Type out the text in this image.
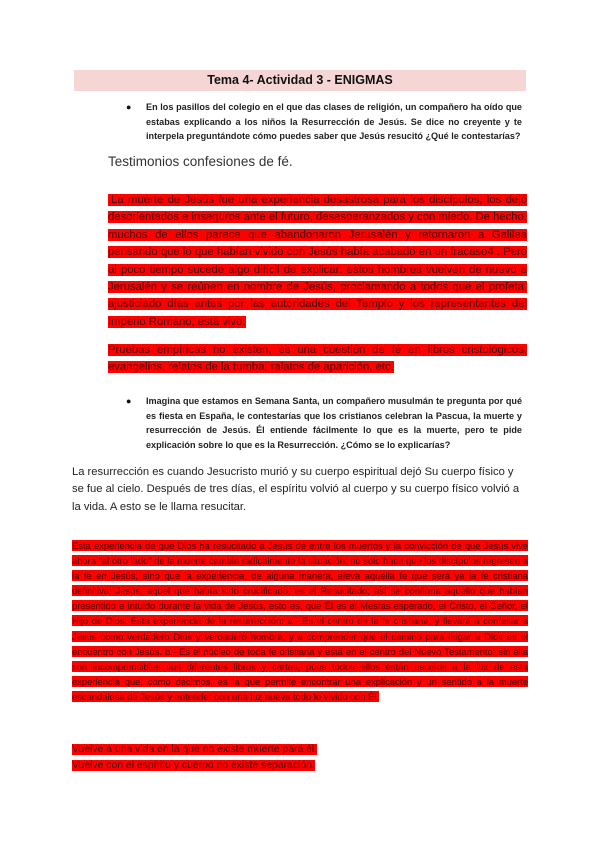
Tema 4- Actividad 3 - ENIGMAS
● En los pasillos del colegio en el que das clases de religión, un compañero ha oído que estabas explicando a los niños la Resurrección de Jesús. Se dice no creyente y te interpela preguntándote cómo puedes saber que Jesús resucitó ¿Qué le contestarías?
Testimonios confesiones de fé.
.La muerte de Jesús fue una experiencia desastrosa para los discípulos, los dejó desorientados e inseguros ante el futuro, desesperanzados y con miedo. De hecho, muchos de ellos parece que abandonaron Jerusalén y retornaron a Galilea pensando que lo que habían vivido con Jesús había acabado en un fracaso4 . Pero al poco tiempo sucede algo difícil de explicar: estos hombres vuelven de nuevo a Jerusalén y se reúnen en nombre de Jesús, proclamando a todos que el profeta, ajusticiado días antes por las autoridades del Templo y los representantes del Imperio Romano, está vivo.
Pruebas empíricas no existen, es una cuestión de fé en libros cristológicos, evangelios, relatos de la tumba, ralatos de aparición, etc.
● Imagina que estamos en Semana Santa, un compañero musulmán te pregunta por qué es fiesta en España, le contestarías que los cristianos celebran la Pascua, la muerte y resurrección de Jesús. Él entiende fácilmente lo que es la muerte, pero te pide explicación sobre lo que es la Resurrección. ¿Cómo se lo explicarías?
La resurrección es cuando Jesucristo murió y su cuerpo espiritual dejó Su cuerpo físico y se fue al cielo. Después de tres días, el espíritu volvió al cuerpo y su cuerpo físico volvió a la vida. A esto se le llama resucitar.
Esta experiencia de que Dios ha resucitado a Jesús de entre los muertos y la convicción de que Jesús vive ahora "al otro lado" de la muerte cambia radicalmente la situación: no solo hace que los discípulos regresen a la fe en Jesús, sino que la experiencia, de alguna manera, eleva aquella fe que será ya la fe cristiana definitiva: Jesús, aquel que había sido crucificado, es el Resucitado; así se confirma aquello que habían presentido e intuido durante la vida de Jesús, esto es, que Él es el Mesías esperado, el Cristo, el Señor, el Hijo de Dios. Esta experiencia de la resurrección: a.- Es el centro de la fe cristiana, y llevará a confesar a Jesús como verdadero Dios y verdadero hombre, y a comprender que el camino para llegar a Dios es el encuentro con Jesús. b.- Es el núcleo de toda fe cristiana y está en el centro del Nuevo Testamento: sin ella son incomprensibles sus diferentes libros y cartas, pues todos ellos están escritos a la luz de esta experiencia que, como decimos, es la que permite encontrar una explicación y un sentido a la muerte escandalosa de Jesús y entender con una luz nueva todo lo vivido con Él.
Vuelve a una vida en la que no existe muerte para él.
Vuelve con el espíritu y cuerpo no existe separación.
